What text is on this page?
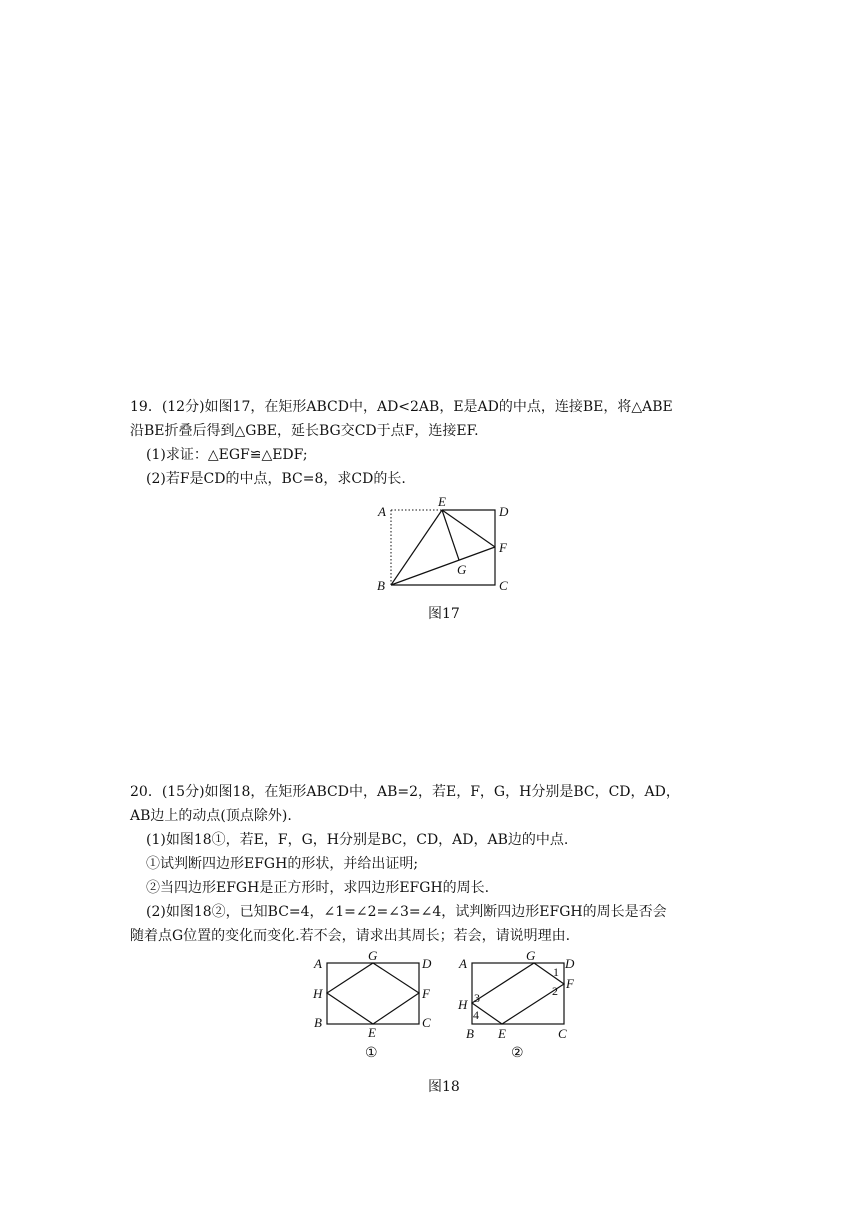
19．(12分)如图17，在矩形ABCD中，AD<2AB，E是AD的中点，连接BE，将△ABE
沿BE折叠后得到△GBE，延长BG交CD于点F，连接EF.
(1)求证：△EGF≌△EDF;
(2)若F是CD的中点，BC=8，求CD的长.
A
E
D
F
G
B	C
图17
20．(15分)如图18，在矩形ABCD中，AB=2，若E，F，G，H分别是BC，CD，AD，
AB边上的动点(顶点除外).
(1)如图18①，若E，F，G，H分别是BC，CD，AD，AB边的中点.
①试判断四边形EFGH的形状，并给出证明;
②当四边形EFGH是正方形时，求四边形EFGH的周长.
(2)如图18②，已知BC=4，∠1=∠2=∠3=∠4，试判断四边形EFGH的周长是否会
随着点G位置的变化而变化.若不会，请求出其周长；若会，请说明理由.
A
G
D
H	F
B
E
C
①
A
G
D
F
H
B E	C
1
2
3
4
②
图18
